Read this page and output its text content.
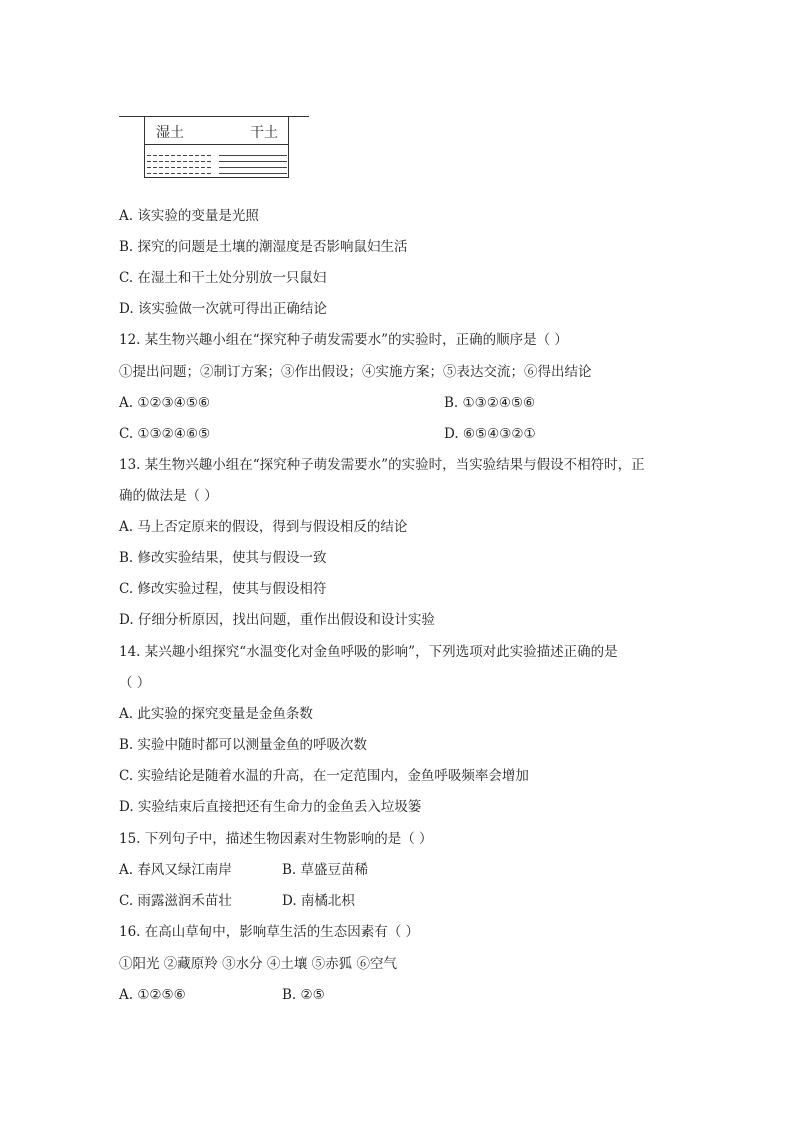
湿土	干土
A. 该实验的变量是光照
B. 探究的问题是土壤的潮湿度是否影响鼠妇生活
C. 在湿土和干土处分别放一只鼠妇
D. 该实验做一次就可得出正确结论
12. 某生物兴趣小组在“探究种子萌发需要水”的实验时，正确的顺序是（ ）
①提出问题；②制订方案；③作出假设；④实施方案；⑤表达交流；⑥得出结论
A. ①②③④⑤⑥	B. ①③②④⑤⑥
C. ①③②④⑥⑤	D. ⑥⑤④③②①
13. 某生物兴趣小组在“探究种子萌发需要水”的实验时，当实验结果与假设不相符时，正
确的做法是（ ）
A. 马上否定原来的假设，得到与假设相反的结论
B. 修改实验结果，使其与假设一致
C. 修改实验过程，使其与假设相符
D. 仔细分析原因，找出问题，重作出假设和设计实验
14. 某兴趣小组探究“水温变化对金鱼呼吸的影响”，下列选项对此实验描述正确的是
（ ）
A. 此实验的探究变量是金鱼条数
B. 实验中随时都可以测量金鱼的呼吸次数
C. 实验结论是随着水温的升高，在一定范围内，金鱼呼吸频率会增加
D. 实验结束后直接把还有生命力的金鱼丢入垃圾篓
15. 下列句子中，描述生物因素对生物影响的是（ ）
A. 春风又绿江南岸	B. 草盛豆苗稀
C. 雨露滋润禾苗壮	D. 南橘北枳
16. 在高山草甸中，影响草生活的生态因素有（ ）
①阳光 ②藏原羚 ③水分 ④土壤 ⑤赤狐 ⑥空气
A. ①②⑤⑥	B. ②⑤
